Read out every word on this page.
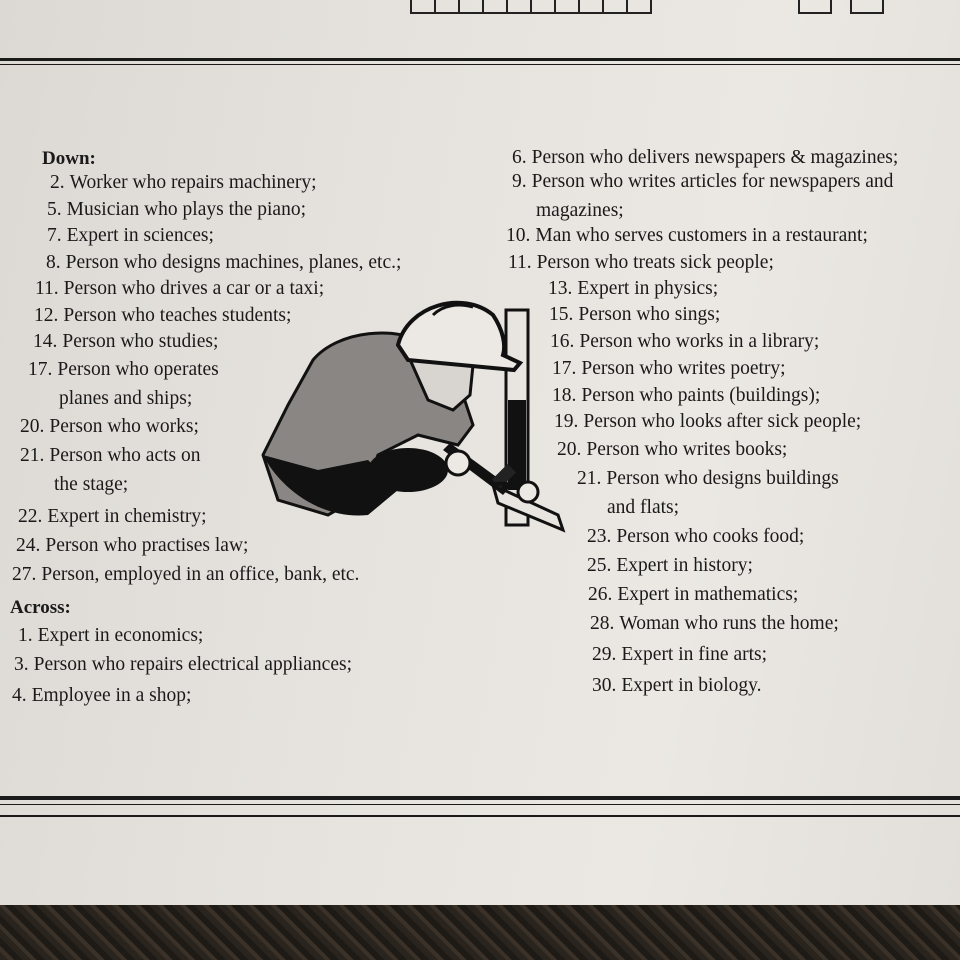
Down:
Across:
2. Worker who repairs machinery;
5. Musician who plays the piano;
7. Expert in sciences;
8. Person who designs machines, planes, etc.;
11. Person who drives a car or a taxi;
12. Person who teaches students;
14. Person who studies;
17. Person who operates
planes and ships;
20. Person who works;
21. Person who acts on
the stage;
22. Expert in chemistry;
24. Person who practises law;
27. Person, employed in an office, bank, etc.
1. Expert in economics;
3. Person who repairs electrical appliances;
4. Employee in a shop;
6. Person who delivers newspapers & magazines;
9. Person who writes articles for newspapers and
magazines;
10. Man who serves customers in a restaurant;
11. Person who treats sick people;
13. Expert in physics;
15. Person who sings;
16. Person who works in a library;
17. Person who writes poetry;
18. Person who paints (buildings);
19. Person who looks after sick people;
20. Person who writes books;
21. Person who designs buildings
and flats;
23. Person who cooks food;
25. Expert in history;
26. Expert in mathematics;
28. Woman who runs the home;
29. Expert in fine arts;
30. Expert in biology.
